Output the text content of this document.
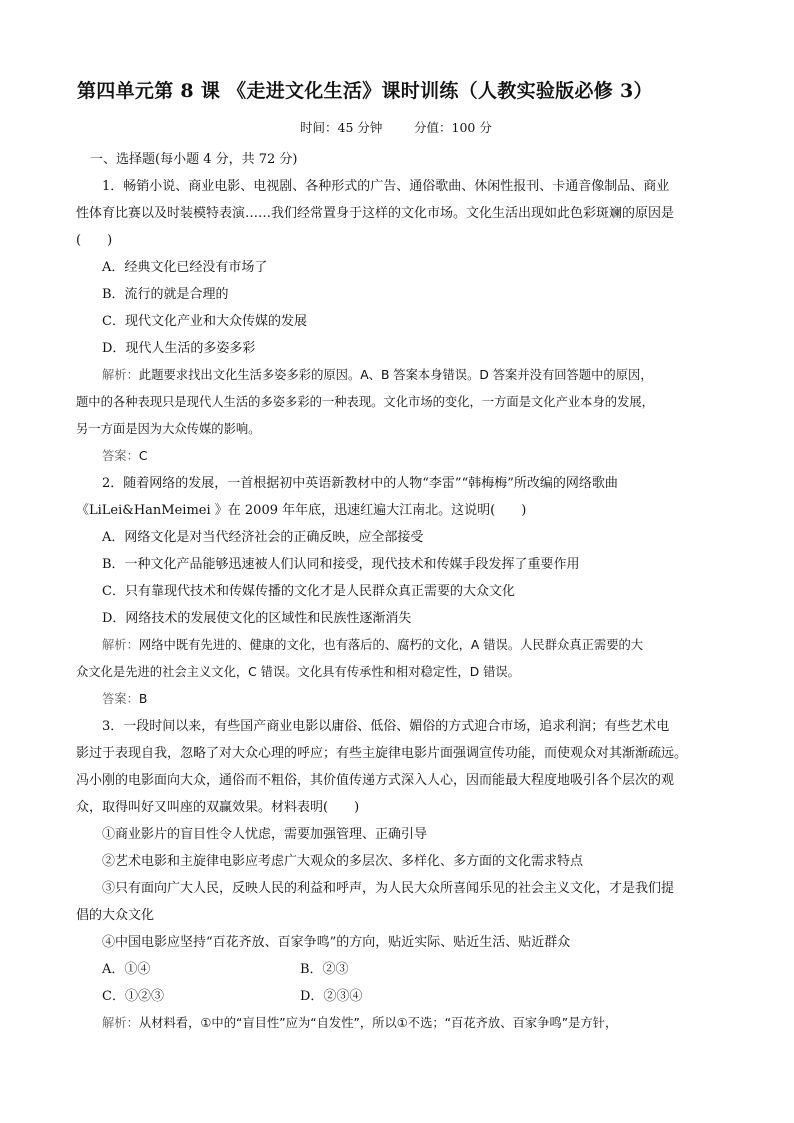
第四单元第 8 课 《走进文化生活》课时训练（人教实验版必修 3）
时间：45 分钟	分值：100 分

一、选择题(每小题 4 分，共 72 分)

1．畅销小说、商业电影、电视剧、各种形式的广告、通俗歌曲、休闲性报刊、卡通音像制品、商业

性体育比赛以及时装模特表演……我们经常置身于这样的文化市场。文化生活出现如此色彩斑斓的原因是

(　　)

A．经典文化已经没有市场了

B．流行的就是合理的

C．现代文化产业和大众传媒的发展

D．现代人生活的多姿多彩

解析：此题要求找出文化生活多姿多彩的原因。A、B 答案本身错误。D 答案并没有回答题中的原因，

题中的各种表现只是现代人生活的多姿多彩的一种表现。文化市场的变化，一方面是文化产业本身的发展，

另一方面是因为大众传媒的影响。

答案：C

2．随着网络的发展，一首根据初中英语新教材中的人物“李雷”“韩梅梅”所改编的网络歌曲

《LiLei&HanMeimei 》在 2009 年年底，迅速红遍大江南北。这说明(　　)

A．网络文化是对当代经济社会的正确反映，应全部接受

B．一种文化产品能够迅速被人们认同和接受，现代技术和传媒手段发挥了重要作用

C．只有靠现代技术和传媒传播的文化才是人民群众真正需要的大众文化

D．网络技术的发展使文化的区域性和民族性逐渐消失

解析：网络中既有先进的、健康的文化，也有落后的、腐朽的文化，A 错误。人民群众真正需要的大

众文化是先进的社会主义文化，C 错误。文化具有传承性和相对稳定性，D 错误。

答案：B

3．一段时间以来，有些国产商业电影以庸俗、低俗、媚俗的方式迎合市场，追求利润；有些艺术电

影过于表现自我，忽略了对大众心理的呼应；有些主旋律电影片面强调宣传功能，而使观众对其渐渐疏远。

冯小刚的电影面向大众，通俗而不粗俗，其价值传递方式深入人心，因而能最大程度地吸引各个层次的观

众，取得叫好又叫座的双赢效果。材料表明(　　)

①商业影片的盲目性令人忧虑，需要加强管理、正确引导

②艺术电影和主旋律电影应考虑广大观众的多层次、多样化、多方面的文化需求特点

③只有面向广大人民，反映人民的利益和呼声，为人民大众所喜闻乐见的社会主义文化，才是我们提

倡的大众文化

④中国电影应坚持“百花齐放、百家争鸣”的方向，贴近实际、贴近生活、贴近群众

A．①④	B．②③

C．①②③	D．②③④

解析：从材料看，①中的“盲目性”应为“自发性”，所以①不选；“百花齐放、百家争鸣”是方针，
